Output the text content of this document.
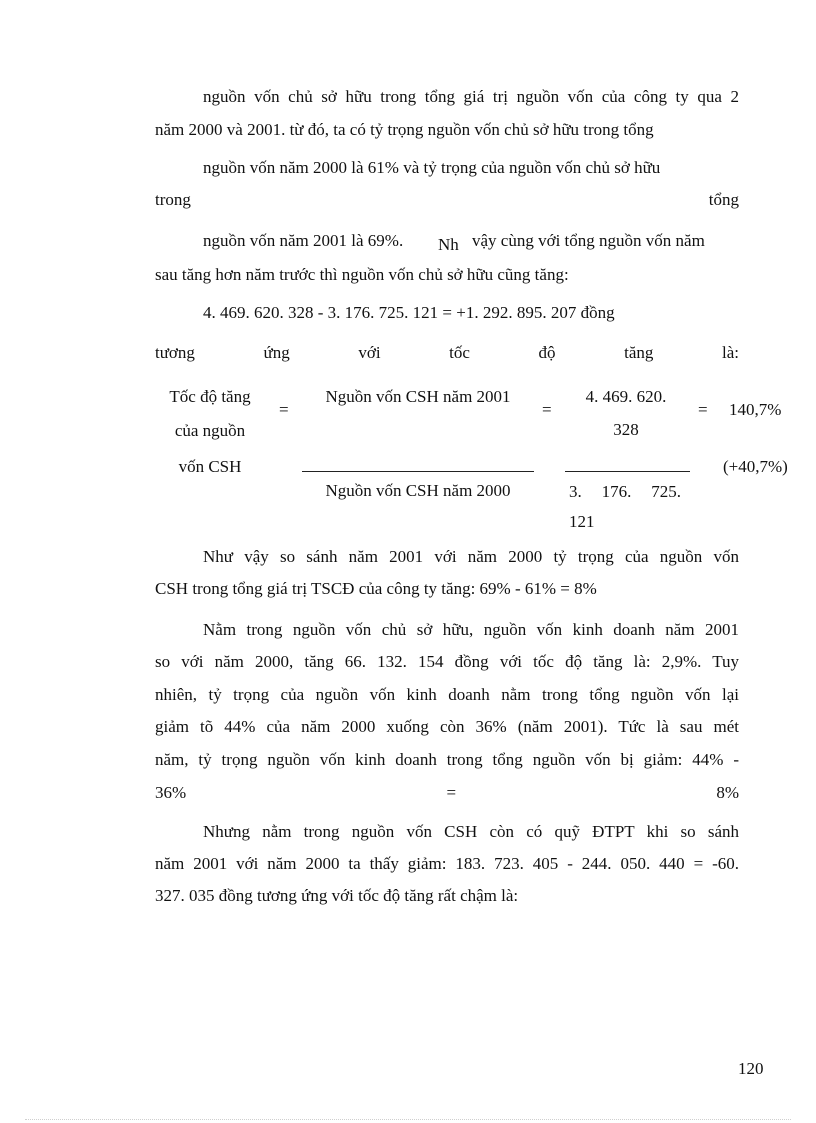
nguồn vốn chủ sở hữu trong tổng giá trị nguồn vốn của công ty qua 2
năm 2000 và 2001. từ đó, ta có tỷ trọng nguồn vốn chủ sở hữu trong tổng
nguồn vốn năm 2000 là 61% và tỷ trọng của nguồn vốn chủ sở hữu
trong	tổng
nguồn vốn năm 2001 là 69%. Nh vậy cùng với tổng nguồn vốn năm
sau tăng hơn năm trước thì nguồn vốn chủ sở hữu cũng tăng:
4. 469. 620. 328 - 3. 176. 725. 121 = +1. 292. 895. 207 đồng
tương	ứng	với	tốc	độ	tăng	là:
Tốc độ tăng
của nguồn
vốn CSH
=
Nguồn vốn CSH năm 2001
Nguồn vốn CSH năm 2000
=
4. 469. 620.
328
3. 176. 725.
121
= 140,7%
(+40,7%)
Như vậy so sánh năm 2001 với năm 2000 tỷ trọng của nguồn vốn
CSH trong tổng giá trị TSCĐ của công ty tăng: 69% - 61% = 8%
Nằm trong nguồn vốn chủ sở hữu, nguồn vốn kinh doanh năm 2001
so với năm 2000, tăng 66. 132. 154 đồng với tốc độ tăng là: 2,9%. Tuy
nhiên, tỷ trọng của nguồn vốn kinh doanh nằm trong tổng nguồn vốn lại
giảm tõ 44% của năm 2000 xuống còn 36% (năm 2001). Tức là sau mét
năm, tỷ trọng nguồn vốn kinh doanh trong tổng nguồn vốn bị giảm: 44% -
36%	=	8%
Nhưng nằm trong nguồn vốn CSH còn có quỹ ĐTPT khi so sánh
năm 2001 với năm 2000 ta thấy giảm: 183. 723. 405 - 244. 050. 440 = -60.
327. 035 đồng tương ứng với tốc độ tăng rất chậm là:
120
